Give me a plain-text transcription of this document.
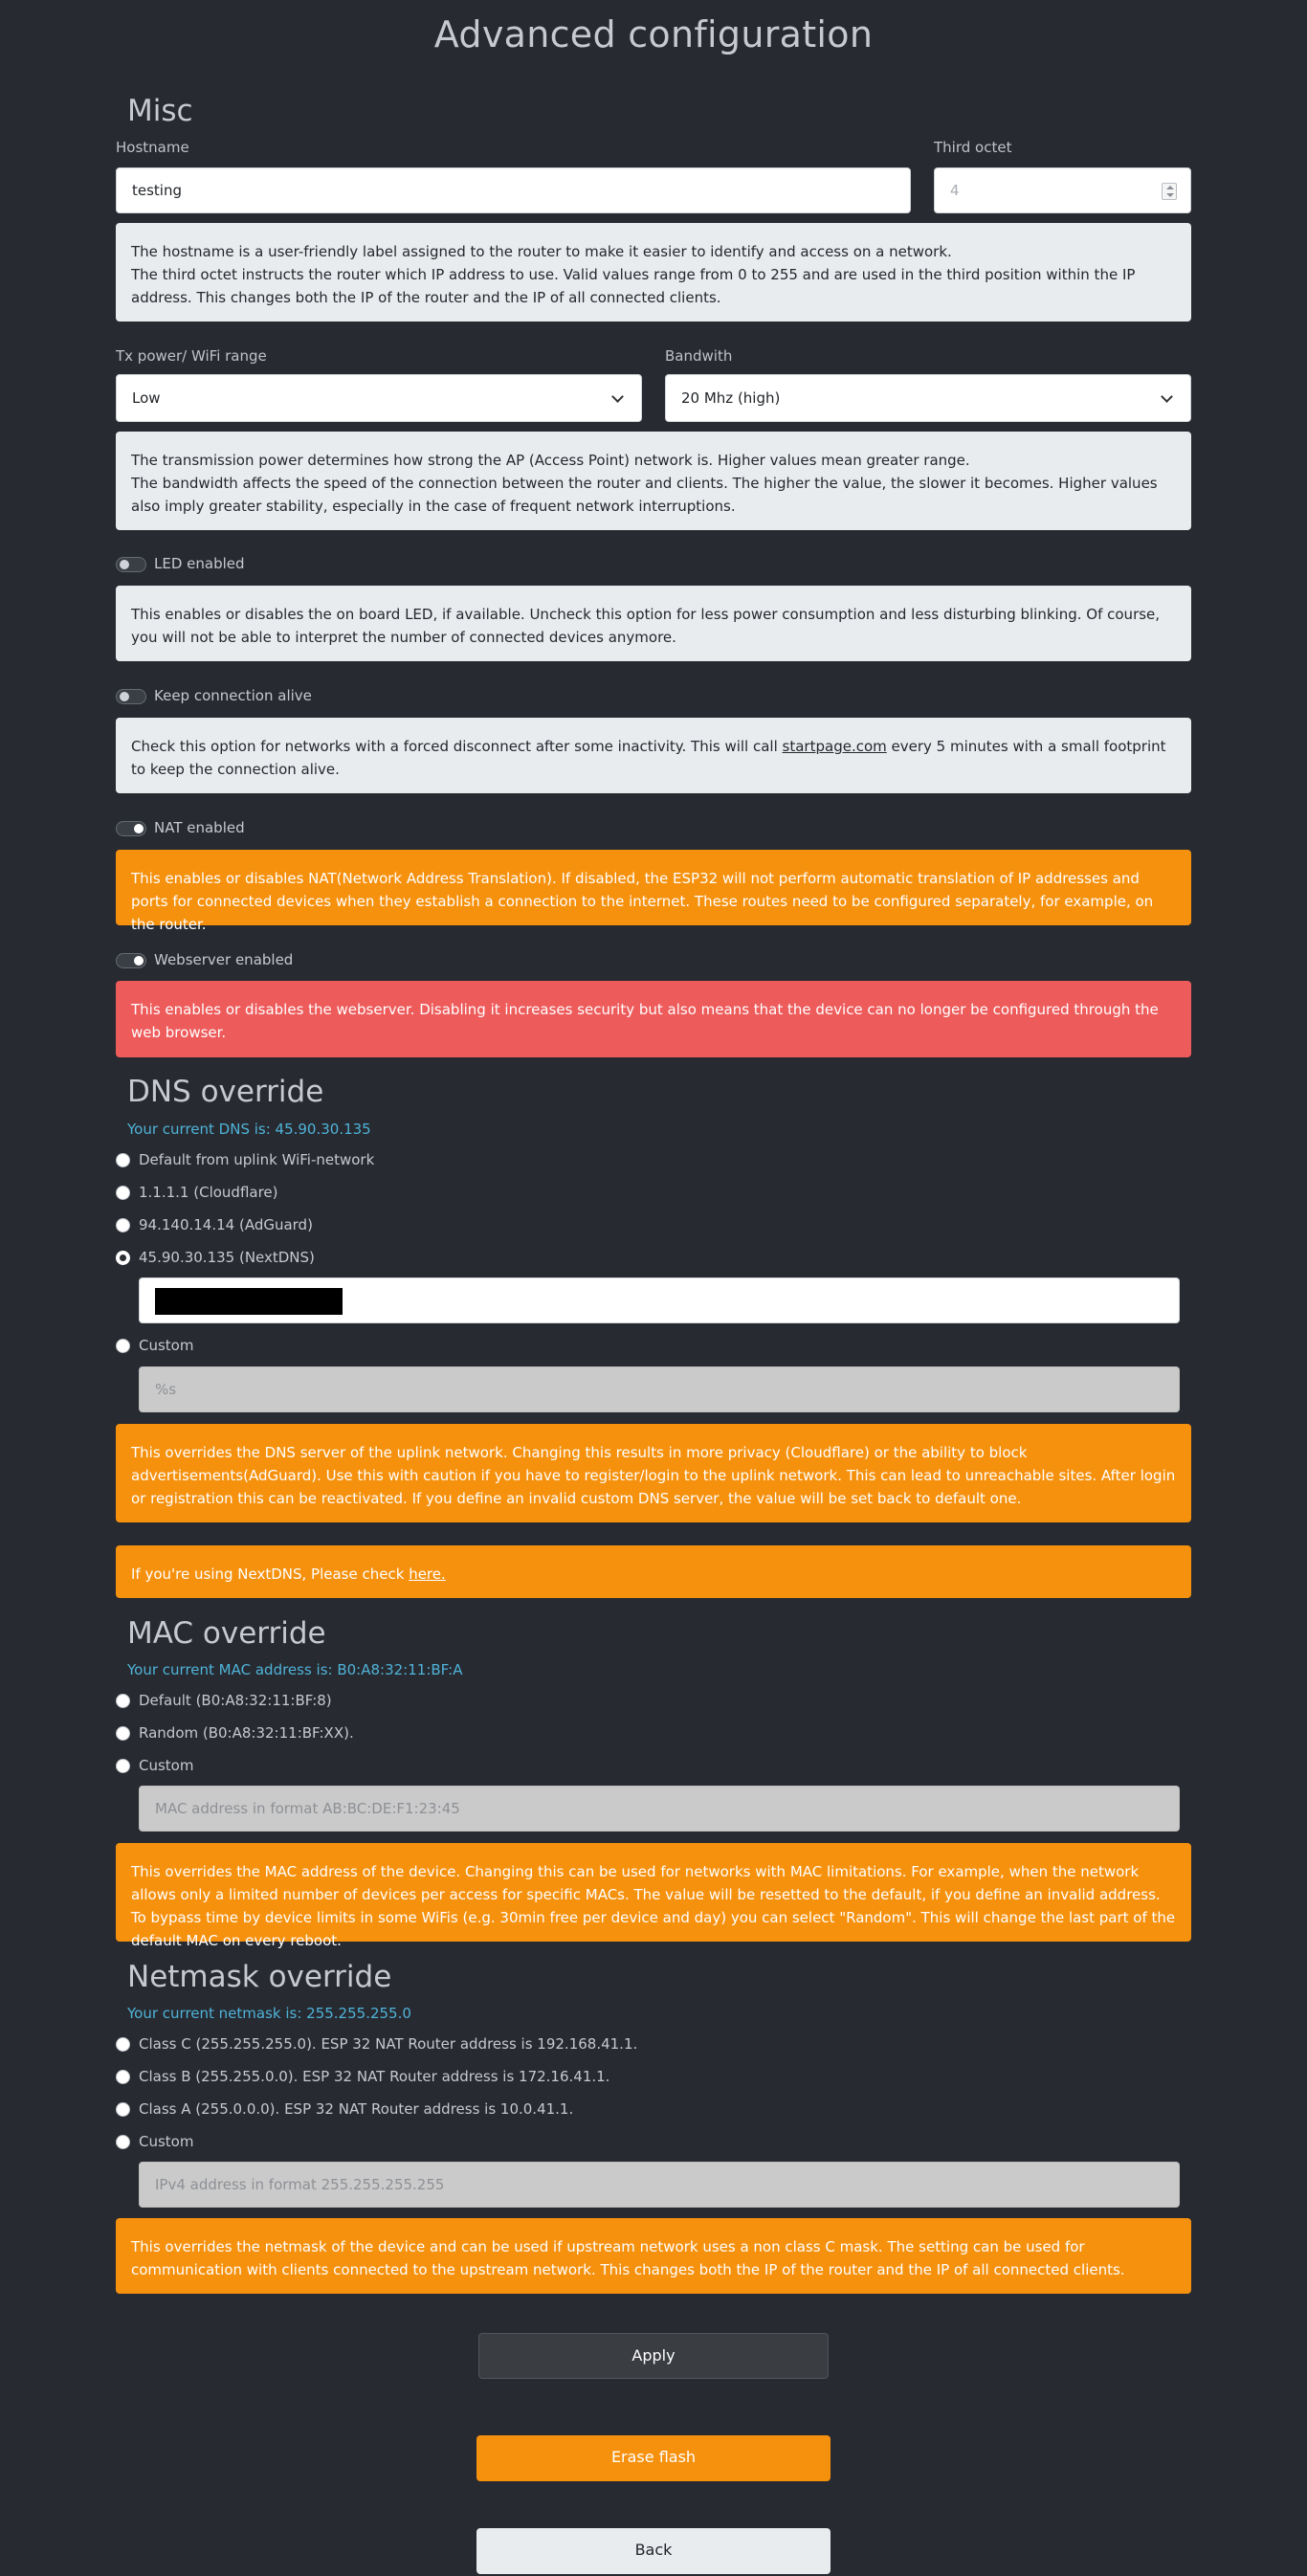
Advanced configuration
Misc
Hostname	Third octet
testing	4

The hostname is a user-friendly label assigned to the router to make it easier to identify and access on a network.

The third octet instructs the router which IP address to use. Valid values range from 0 to 255 and are used in the third position within the IP address. This changes both the IP of the router and the IP of all connected clients.

Tx power/ WiFi range	Bandwith
Low	20 Mhz (high)

The transmission power determines how strong the AP (Access Point) network is. Higher values mean greater range.

The bandwidth affects the speed of the connection between the router and clients. The higher the value, the slower it becomes. Higher values also imply greater stability, especially in the case of frequent network interruptions.

LED enabled

This enables or disables the on board LED, if available. Uncheck this option for less power consumption and less disturbing blinking. Of course, you will not be able to interpret the number of connected devices anymore.

Keep connection alive

Check this option for networks with a forced disconnect after some inactivity. This will call startpage.com every 5 minutes with a small footprint to keep the connection alive.

NAT enabled

This enables or disables NAT(Network Address Translation). If disabled, the ESP32 will not perform automatic translation of IP addresses and ports for connected devices when they establish a connection to the internet. These routes need to be configured separately, for example, on the router.

Webserver enabled

This enables or disables the webserver. Disabling it increases security but also means that the device can no longer be configured through the web browser.

DNS override
Your current DNS is: 45.90.30.135
Default from uplink WiFi-network
1.1.1.1 (Cloudflare)
94.140.14.14 (AdGuard)
45.90.30.135 (NextDNS)
Custom
%s

This overrides the DNS server of the uplink network. Changing this results in more privacy (Cloudflare) or the ability to block advertisements(AdGuard). Use this with caution if you have to register/login to the uplink network. This can lead to unreachable sites. After login or registration this can be reactivated. If you define an invalid custom DNS server, the value will be set back to default one.

If you're using NextDNS, Please check here.

MAC override
Your current MAC address is: B0:A8:32:11:BF:A
Default (B0:A8:32:11:BF:8)
Random (B0:A8:32:11:BF:XX).
Custom
MAC address in format AB:BC:DE:F1:23:45

This overrides the MAC address of the device. Changing this can be used for networks with MAC limitations. For example, when the network allows only a limited number of devices per access for specific MACs. The value will be resetted to the default, if you define an invalid address. To bypass time by device limits in some WiFis (e.g. 30min free per device and day) you can select "Random". This will change the last part of the default MAC on every reboot.

Netmask override
Your current netmask is: 255.255.255.0
Class C (255.255.255.0). ESP 32 NAT Router address is 192.168.41.1.
Class B (255.255.0.0). ESP 32 NAT Router address is 172.16.41.1.
Class A (255.0.0.0). ESP 32 NAT Router address is 10.0.41.1.
Custom
IPv4 address in format 255.255.255.255

This overrides the netmask of the device and can be used if upstream network uses a non class C mask. The setting can be used for communication with clients connected to the upstream network. This changes both the IP of the router and the IP of all connected clients.

Apply
Erase flash
Back
